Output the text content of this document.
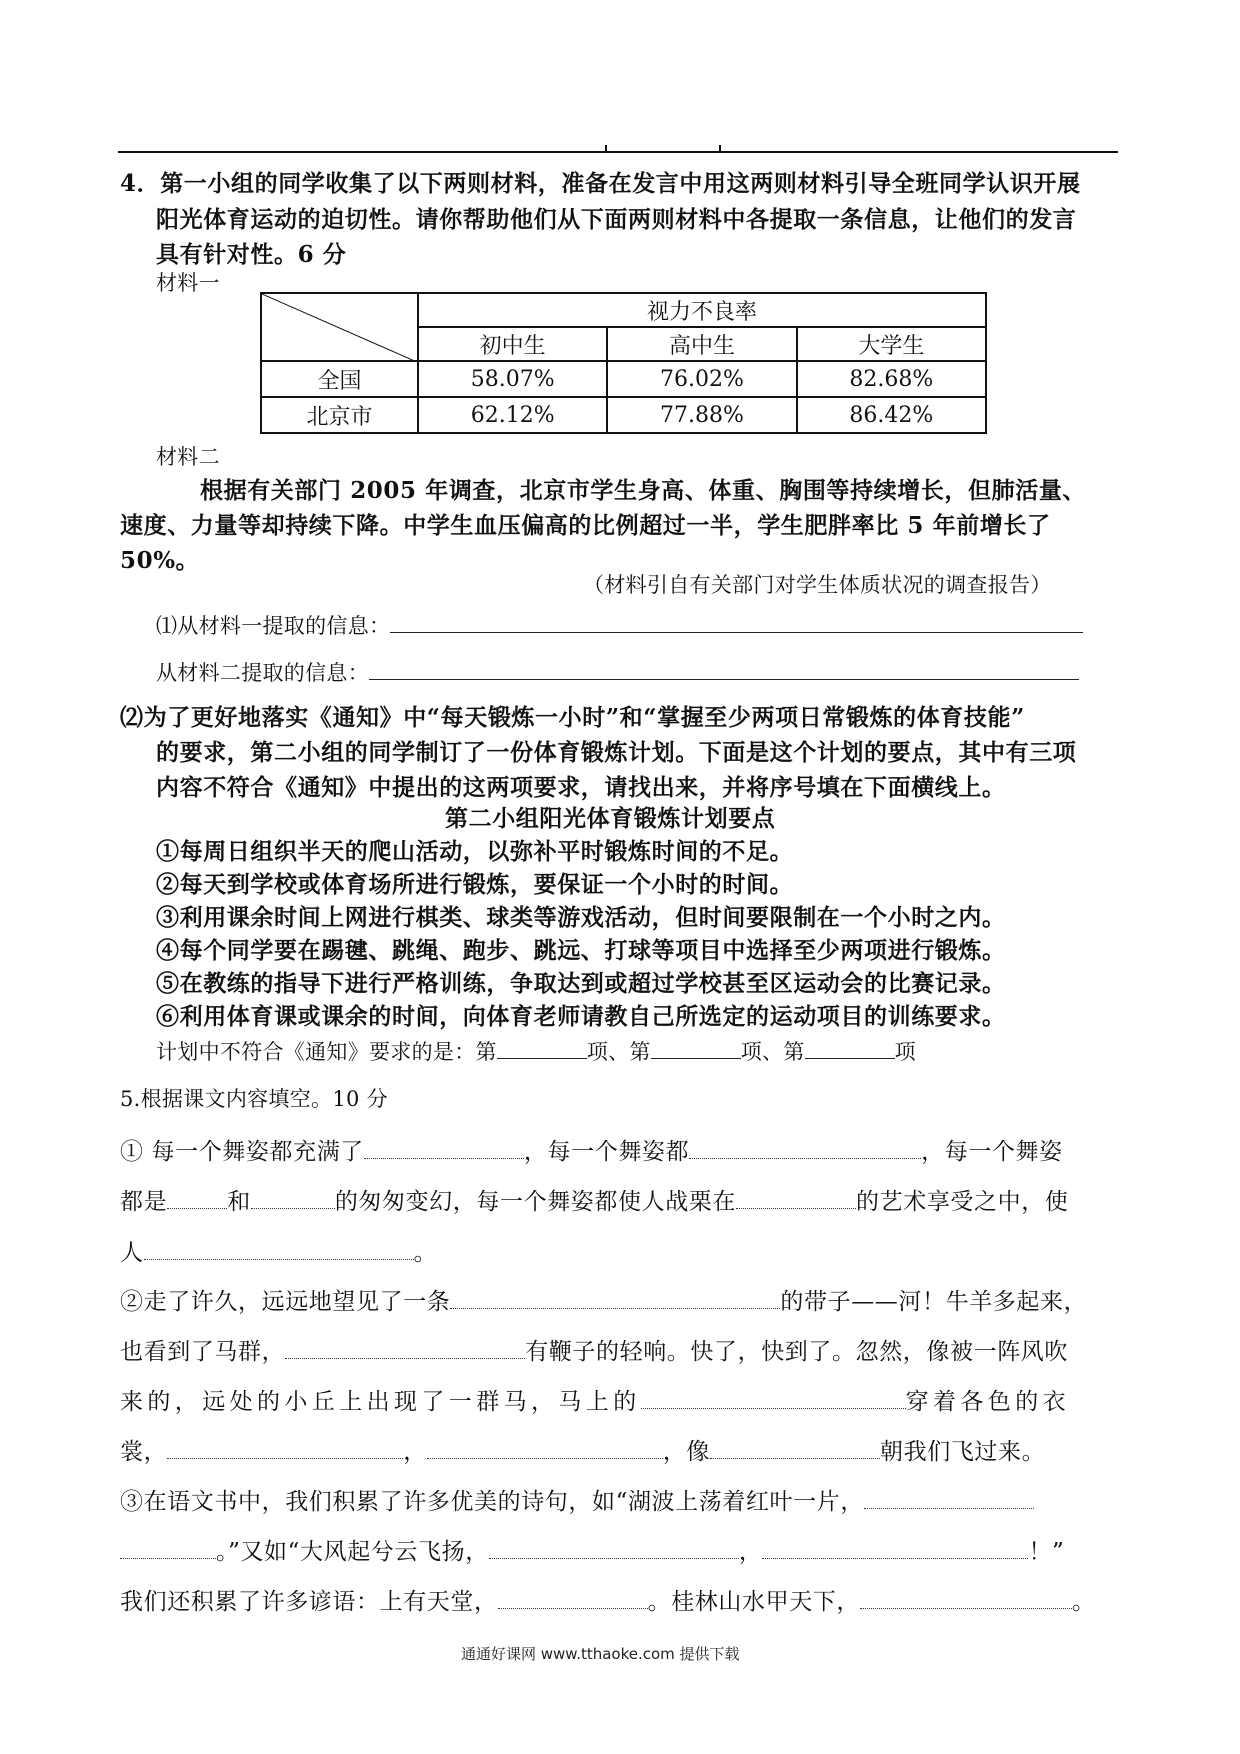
4．第一小组的同学收集了以下两则材料，准备在发言中用这两则材料引导全班同学认识开展
阳光体育运动的迫切性。请你帮助他们从下面两则材料中各提取一条信息，让他们的发言
具有针对性。6 分
材料一
	视力不良率		
	初中生	高中生	大学生
全国	58.07%	76.02%	82.68%
北京市	62.12%	77.88%	86.42%
材料二
根据有关部门 2005 年调查，北京市学生身高、体重、胸围等持续增长，但肺活量、
速度、力量等却持续下降。中学生血压偏高的比例超过一半，学生肥胖率比 5 年前增长了
50%。
（材料引自有关部门对学生体质状况的调查报告）
⑴从材料一提取的信息：
从材料二提取的信息：
⑵为了更好地落实《通知》中“每天锻炼一小时”和“掌握至少两项日常锻炼的体育技能”
的要求，第二小组的同学制订了一份体育锻炼计划。下面是这个计划的要点，其中有三项
内容不符合《通知》中提出的这两项要求，请找出来，并将序号填在下面横线上。
第二小组阳光体育锻炼计划要点
①每周日组织半天的爬山活动，以弥补平时锻炼时间的不足。
②每天到学校或体育场所进行锻炼，要保证一个小时的时间。
③利用课余时间上网进行棋类、球类等游戏活动，但时间要限制在一个小时之内。
④每个同学要在踢毽、跳绳、跑步、跳远、打球等项目中选择至少两项进行锻炼。
⑤在教练的指导下进行严格训练，争取达到或超过学校甚至区运动会的比赛记录。
⑥利用体育课或课余的时间，向体育老师请教自己所选定的运动项目的训练要求。
计划中不符合《通知》要求的是：第	项、第	项、第	项
5.根据课文内容填空。10 分
① 每一个舞姿都充满了	，每一个舞姿都	，每一个舞姿
都是	和	的匆匆变幻，每一个舞姿都使人战栗在	的艺术享受之中，使
人	。
②走了许久，远远地望见了一条	的带子——河！牛羊多起来，
也看到了马群，	有鞭子的轻响。快了，快到了。忽然，像被一阵风吹
来的，远处的小丘上出现了一群马，马上的	穿着各色的衣
裳，	，	，像	朝我们飞过来。
③在语文书中，我们积累了许多优美的诗句，如“湖波上荡着红叶一片，
。”又如“大风起兮云飞扬，	，	！”
我们还积累了许多谚语：上有天堂，	。桂林山水甲天下，	。
通通好课网 www.tthaoke.com 提供下载
